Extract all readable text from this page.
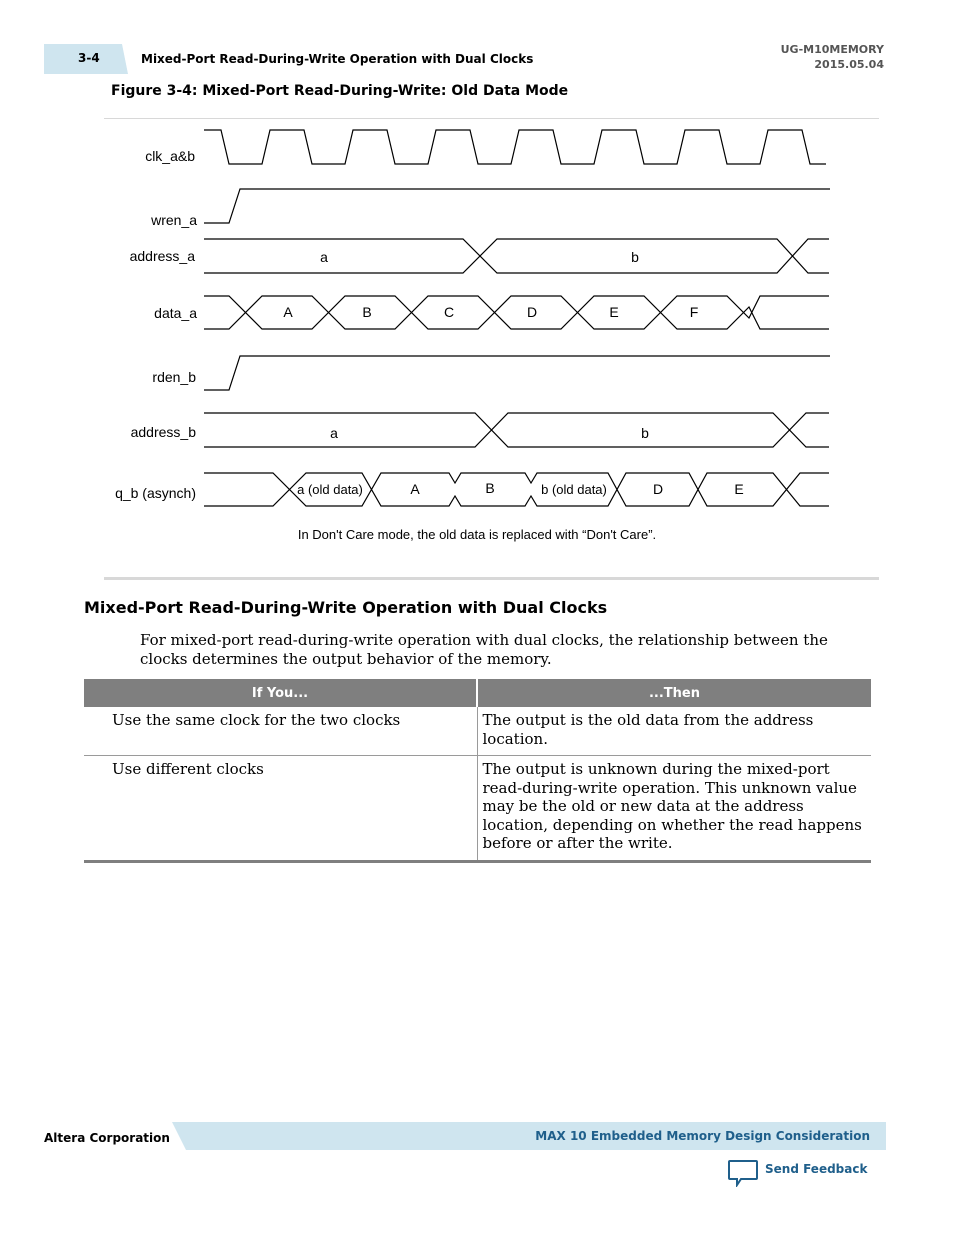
3-4	Mixed-Port Read-During-Write Operation with Dual Clocks
UG-M10MEMORY
2015.05.04
Figure 3-4: Mixed-Port Read-During-Write: Old Data Mode
clk_a&b
wren_a
address_a
data_a
rden_b
address_b
q_b (asynch)
a	b
A	B	C	D	E	F
a	b
a (old data)	A	B	b (old data)	D	E
In Don't Care mode, the old data is replaced with “Don't Care”.
Mixed-Port Read-During-Write Operation with Dual Clocks
For mixed-port read-during-write operation with dual clocks, the relationship between the clocks determines the output behavior of the memory.
If You...	...Then
Use the same clock for the two clocks	The output is the old data from the address location.
Use different clocks	The output is unknown during the mixed-port read-during-write operation. This unknown value may be the old or new data at the address location, depending on whether the read happens before or after the write.
Altera Corporation	MAX 10 Embedded Memory Design Consideration
Send Feedback
